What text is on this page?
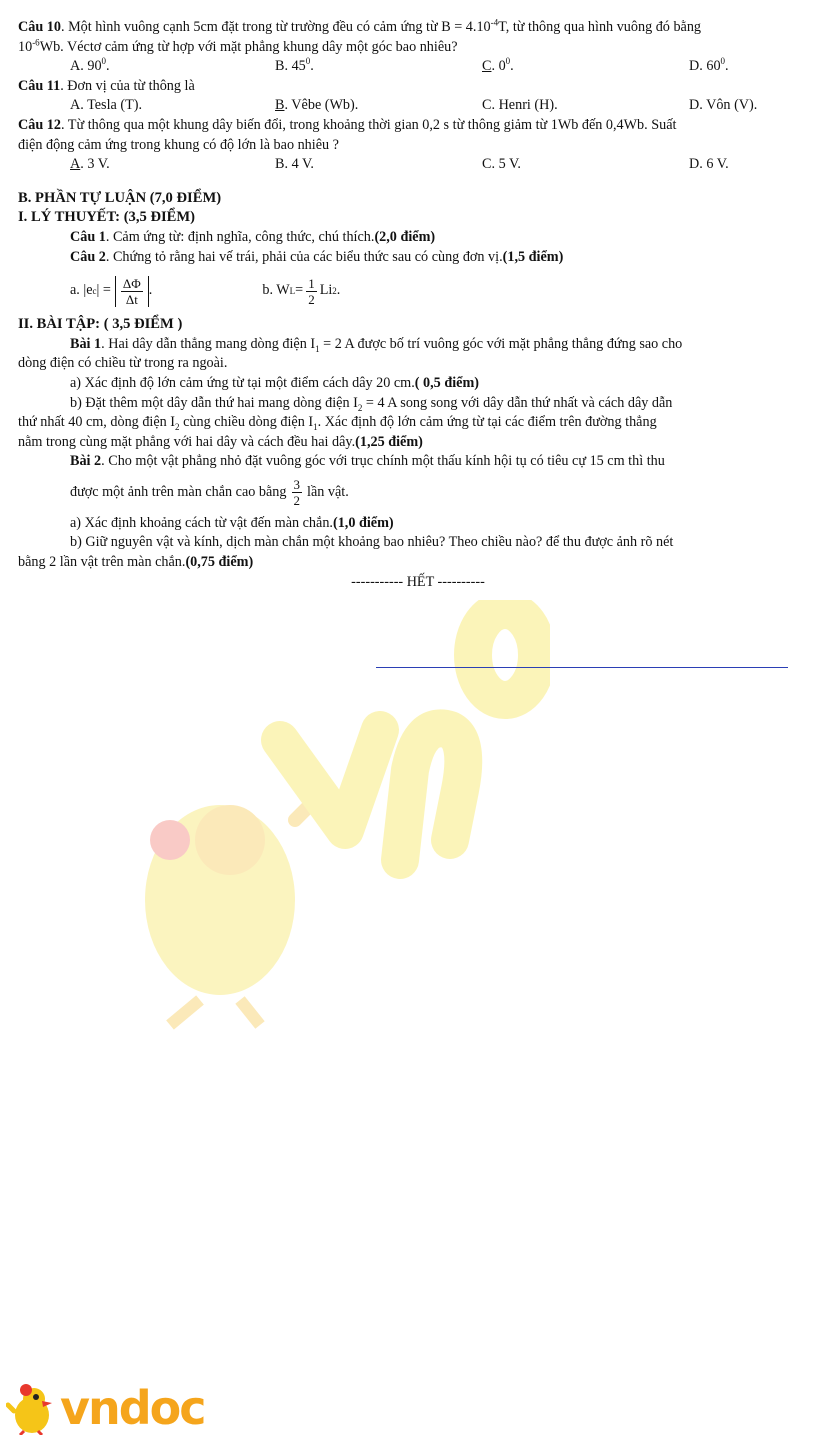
Câu 10. Một hình vuông cạnh 5cm đặt trong từ trường đều có cảm ứng từ $B = 4.10^{-4}T$, từ thông qua hình vuông đó bằng
$10^{-6}Wb$. Véctơ cảm ứng từ hợp với mặt phẳng khung dây một góc bao nhiêu?
A. 900.	B. 450.	C. 00.	D. 600.
Câu 11. Đơn vị của từ thông là
A. Tesla (T).	B. Vêbe (Wb).	C. Henri (H).	D. Vôn (V).
Câu 12. Từ thông qua một khung dây biến đổi, trong khoảng thời gian 0,2 s từ thông giảm từ 1Wb đến 0,4Wb. Suất
điện động cảm ứng trong khung có độ lớn là bao nhiêu ?
A. 3 V.	B. 4 V.	C. 5 V.	D. 6 V.
B. PHẦN TỰ LUẬN (7,0 ĐIỂM)
I. LÝ THUYẾT: (3,5 ĐIỂM)
Câu 1. Cảm ứng từ: định nghĩa, công thức, chú thích.(2,0 điểm)
Câu 2. Chứng tỏ rằng hai vế trái, phải của các biểu thức sau có cùng đơn vị.(1,5 điểm)
a. |e c | = $\frac{\Delta\Phi}{\Delta t}$ .	b. W $L = \frac{1}{2}$ Li 2 .
II. BÀI TẬP: ( 3,5 ĐIỂM )
Bài 1. Hai dây dẫn thẳng mang dòng điện $I_1 = 2$ A được bố trí vuông góc với mặt phẳng thẳng đứng sao cho
dòng điện có chiều từ trong ra ngoài.
a) Xác định độ lớn cảm ứng từ tại một điểm cách dây 20 cm.( 0,5 điểm)
b) Đặt thêm một dây dẫn thứ hai mang dòng điện $I_2 = 4$ A song song với dây dẫn thứ nhất và cách dây dẫn
thứ nhất 40 cm, dòng điện $I_2$ cùng chiều dòng điện $I_1$. Xác định độ lớn cảm ứng từ tại các điểm trên đường thẳng
nằm trong cùng mặt phẳng với hai dây và cách đều hai dây.(1,25 điểm)
Bài 2. Cho một vật phẳng nhỏ đặt vuông góc với trục chính một thấu kính hội tụ có tiêu cự 15 cm thì thu
được một ảnh trên màn chắn cao bằng $\frac{3}{2}$ lần vật.
a) Xác định khoảng cách từ vật đến màn chắn.(1,0 điểm)
b) Giữ nguyên vật và kính, dịch màn chắn một khoảng bao nhiêu? Theo chiều nào? để thu được ảnh rõ nét
bằng 2 lần vật trên màn chắn.(0,75 điểm)
----------- HẾT ----------
vndoc
